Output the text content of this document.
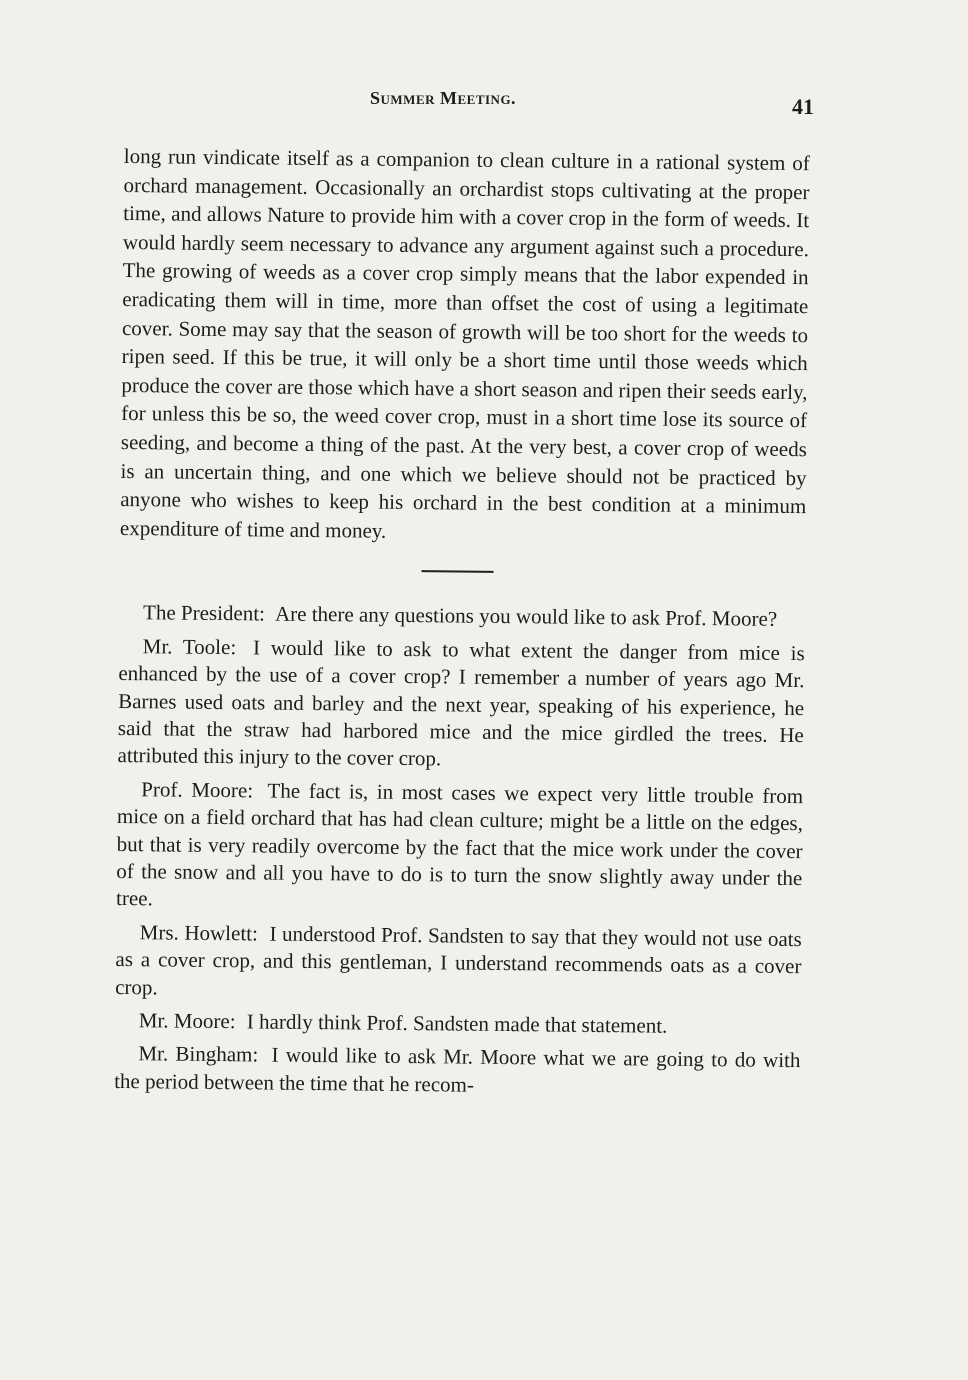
Summer Meeting.	41

long run vindicate itself as a companion to clean culture in a rational system of orchard management. Occasionally an orchardist stops cultivating at the proper time, and allows Nature to provide him with a cover crop in the form of weeds. It would hardly seem necessary to advance any argument against such a procedure. The growing of weeds as a cover crop simply means that the labor expended in eradicating them will in time, more than offset the cost of using a legitimate cover. Some may say that the season of growth will be too short for the weeds to ripen seed. If this be true, it will only be a short time until those weeds which produce the cover are those which have a short season and ripen their seeds early, for unless this be so, the weed cover crop, must in a short time lose its source of seeding, and become a thing of the past. At the very best, a cover crop of weeds is an uncertain thing, and one which we believe should not be practiced by anyone who wishes to keep his orchard in the best condition at a minimum expenditure of time and money.

The President: Are there any questions you would like to ask Prof. Moore?

Mr. Toole: I would like to ask to what extent the danger from mice is enhanced by the use of a cover crop? I remember a number of years ago Mr. Barnes used oats and barley and the next year, speaking of his experience, he said that the straw had harbored mice and the mice girdled the trees. He attributed this injury to the cover crop.

Prof. Moore: The fact is, in most cases we expect very little trouble from mice on a field orchard that has had clean culture; might be a little on the edges, but that is very readily overcome by the fact that the mice work under the cover of the snow and all you have to do is to turn the snow slightly away under the tree.

Mrs. Howlett: I understood Prof. Sandsten to say that they would not use oats as a cover crop, and this gentleman, I understand recommends oats as a cover crop.

Mr. Moore: I hardly think Prof. Sandsten made that statement.

Mr. Bingham: I would like to ask Mr. Moore what we are going to do with the period between the time that he recom-
